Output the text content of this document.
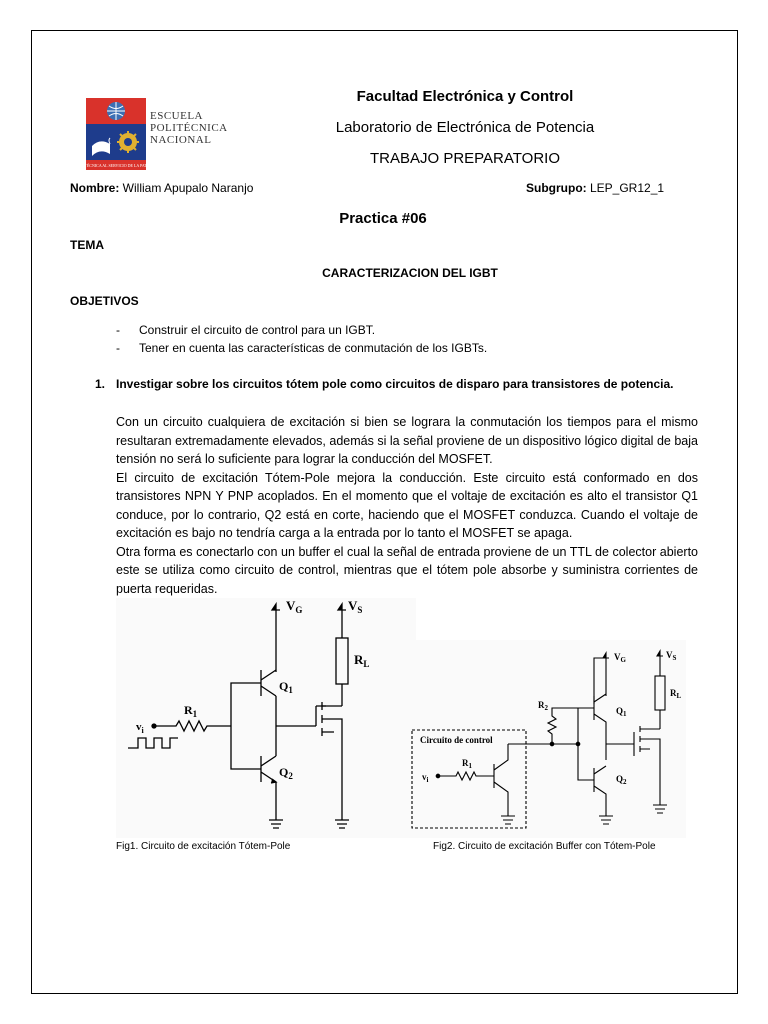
LA TÉCNICA AL SERVICIO DE LA PATRIA
ESCUELA
POLITÉCNICA
NACIONAL
Facultad Electrónica y Control
Laboratorio de Electrónica de Potencia
TRABAJO PREPARATORIO
Nombre: William Apupalo Naranjo	Subgrupo: LEP_GR12_1
Practica #06
TEMA
CARACTERIZACION DEL IGBT
OBJETIVOS
- Construir el circuito de control para un IGBT.
- Tener en cuenta las características de conmutación de los IGBTs.
1. Investigar sobre los circuitos tótem pole como circuitos de disparo para transistores de potencia.
Con un circuito cualquiera de excitación si bien se lograra la conmutación los tiempos para el mismo resultaran extremadamente elevados, además si la señal proviene de un dispositivo lógico digital de baja tensión no será lo suficiente para lograr la conducción del MOSFET.
El circuito de excitación Tótem-Pole mejora la conducción. Este circuito está conformado en dos transistores NPN Y PNP acoplados. En el momento que el voltaje de excitación es alto el transistor Q1 conduce, por lo contrario, Q2 está en corte, haciendo que el MOSFET conduzca. Cuando el voltaje de excitación es bajo no tendría carga a la entrada por lo tanto el MOSFET se apaga.
Otra forma es conectarlo con un buffer el cual la señal de entrada proviene de un TTL de colector abierto este se utiliza como circuito de control, mientras que el tótem pole absorbe y suministra corrientes de puerta requeridas.
$V_G$
$Q_1$
$Q_2$
$R_1$
$v_i$
$V_S$
$R_L$
Circuito de control
$v_i$
$R_1$
$R_2$
$V_G$
$Q_1$
$Q_2$
$V_S$
$R_L$
Fig1. Circuito de excitación Tótem-Pole	Fig2. Circuito de excitación Buffer con Tótem-Pole
